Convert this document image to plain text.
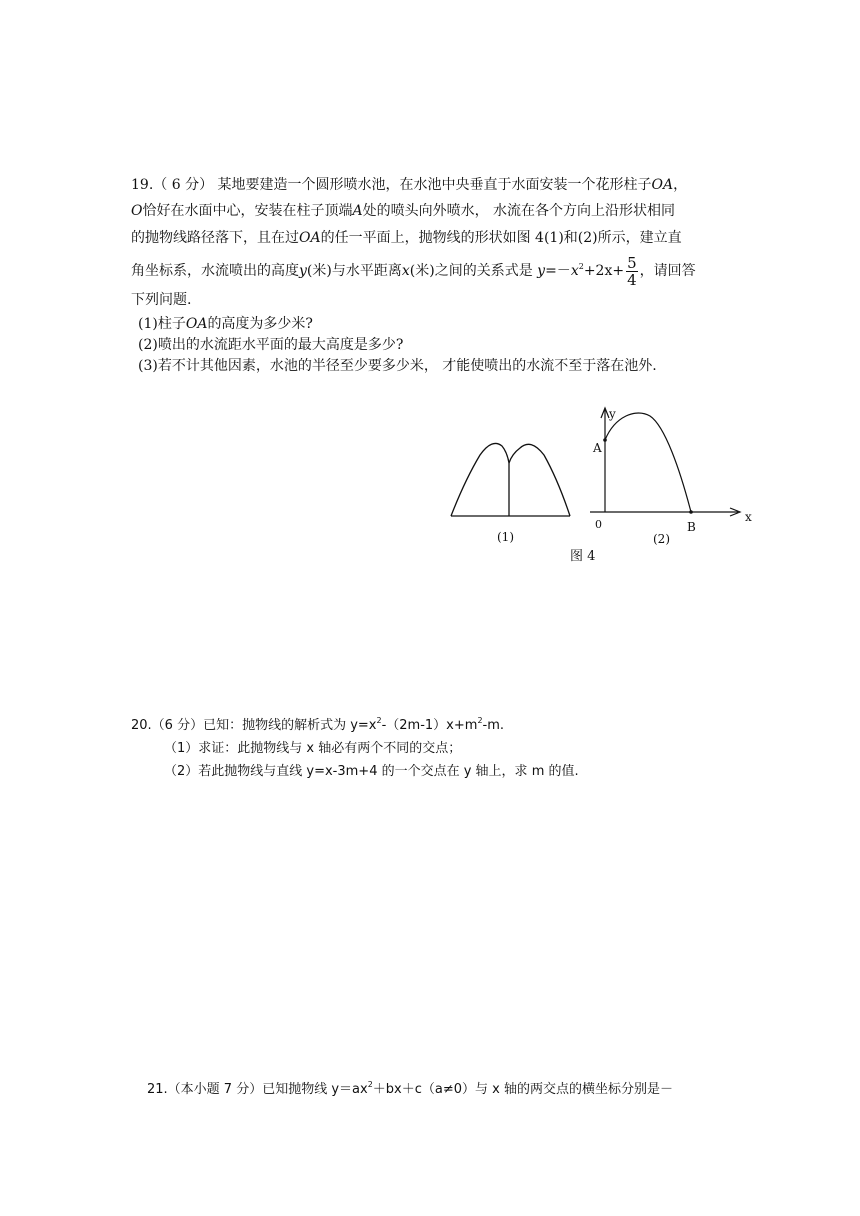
19.（ 6 分） 某地要建造一个圆形喷水池，在水池中央垂直于水面安装一个花形柱子OA，
O恰好在水面中心，安装在柱子顶端A处的喷头向外喷水， 水流在各个方向上沿形状相同
的抛物线路径落下，且在过OA的任一平面上，抛物线的形状如图 4(1)和(2)所示，建立直
角坐标系，水流喷出的高度y(米)与水平距离x(米)之间的关系式是 $y=-x^2+2x+ \frac{5}{4}$ ，请回答
下列问题.
(1)柱子OA的高度为多少米?
(2)喷出的水流距水平面的最大高度是多少?
(3)若不计其他因素，水池的半径至少要多少米， 才能使喷出的水流不至于落在池外.
(1)
y
x
A
B
0
(2)
图 4
20.（6 分）已知：抛物线的解析式为 $y=x^2-(2m-1)x+m^2-m$.
（1）求证：此抛物线与 x 轴必有两个不同的交点；
（2）若此抛物线与直线 y=x-3m+4 的一个交点在 y 轴上，求 m 的值.
21.（本小题 7 分）已知抛物线 $y=ax^2+bx+c(a\ne 0)$与 x 轴的两交点的横坐标分别是－
